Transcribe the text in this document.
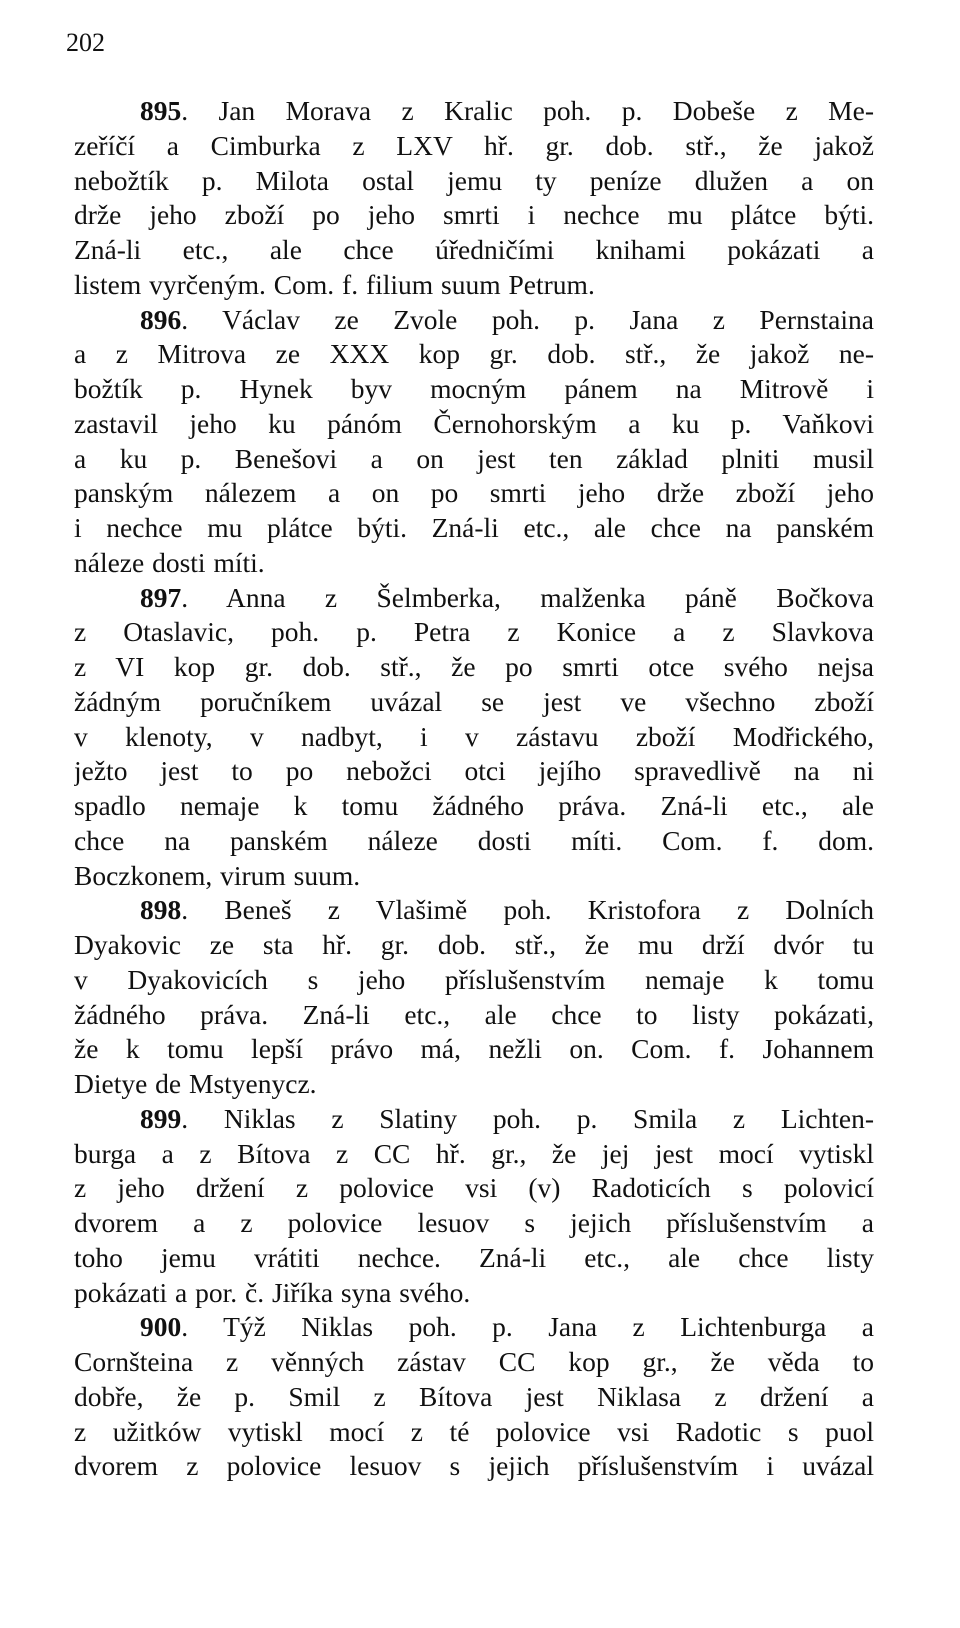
202
895. Jan Morava z Kralic poh. p. Dobeše z Me-
zeříčí a Cimburka z LXV hř. gr. dob. stř., že jakož
nebožtík p. Milota ostal jemu ty peníze dlužen a on
drže jeho zboží po jeho smrti i nechce mu plátce býti.
Zná-li etc., ale chce úředničími knihami pokázati a
listem vyrčeným. Com. f. filium suum Petrum.
896. Václav ze Zvole poh. p. Jana z Pernstaina
a z Mitrova ze XXX kop gr. dob. stř., že jakož ne-
božtík p. Hynek byv mocným pánem na Mitrově i
zastavil jeho ku pánóm Černohorským a ku p. Vaňkovi
a ku p. Benešovi a on jest ten základ plniti musil
panským nálezem a on po smrti jeho drže zboží jeho
i nechce mu plátce býti. Zná-li etc., ale chce na panském
náleze dosti míti.
897. Anna z Šelmberka, malženka páně Bočkova
z Otaslavic, poh. p. Petra z Konice a z Slavkova
z VI kop gr. dob. stř., že po smrti otce svého nejsa
žádným poručníkem uvázal se jest ve všechno zboží
v klenoty, v nadbyt, i v zástavu zboží Modřického,
ježto jest to po nebožci otci jejího spravedlivě na ni
spadlo nemaje k tomu žádného práva. Zná-li etc., ale
chce na panském náleze dosti míti. Com. f. dom.
Boczkonem, virum suum.
898. Beneš z Vlašimě poh. Kristofora z Dolních
Dyakovic ze sta hř. gr. dob. stř., že mu drží dvór tu
v Dyakovicích s jeho příslušenstvím nemaje k tomu
žádného práva. Zná-li etc., ale chce to listy pokázati,
že k tomu lepší právo má, nežli on. Com. f. Johannem
Dietye de Mstyenycz.
899. Niklas z Slatiny poh. p. Smila z Lichten-
burga a z Bítova z CC hř. gr., že jej jest mocí vytiskl
z jeho držení z polovice vsi (v) Radoticích s polovicí
dvorem a z polovice lesuov s jejich příslušenstvím a
toho jemu vrátiti nechce. Zná-li etc., ale chce listy
pokázati a por. č. Jiříka syna svého.
900. Týž Niklas poh. p. Jana z Lichtenburga a
Cornšteina z věnných zástav CC kop gr., že věda to
dobře, že p. Smil z Bítova jest Niklasa z držení a
z užitków vytiskl mocí z té polovice vsi Radotic s puol
dvorem z polovice lesuov s jejich příslušenstvím i uvázal
